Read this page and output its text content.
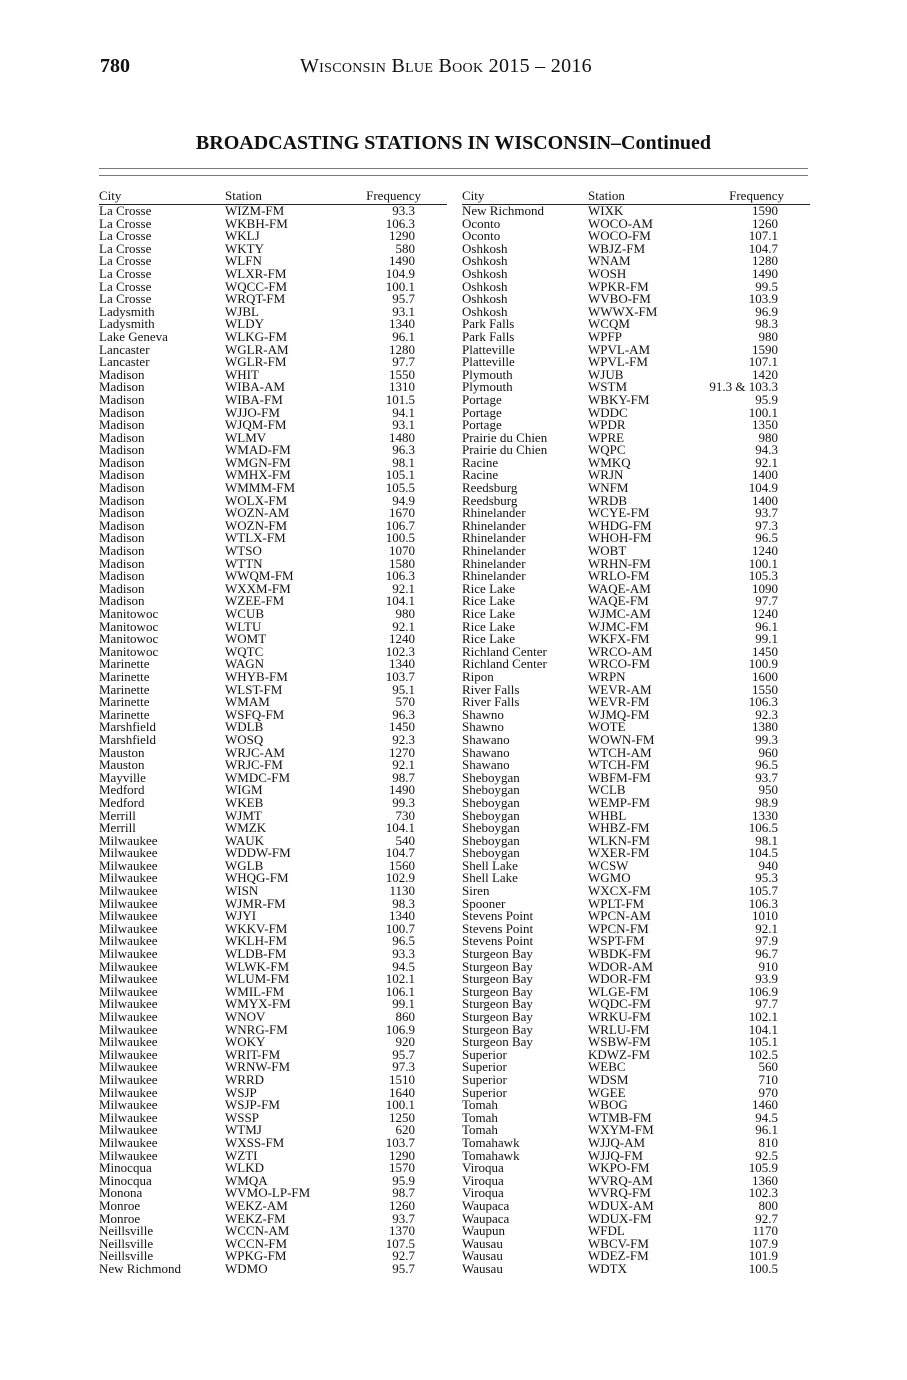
780	Wisconsin Blue Book 2015 – 2016
BROADCASTING STATIONS IN WISCONSIN–Continued
City	Station	Frequency
La Crosse	WIZM-FM	93.3
La Crosse	WKBH-FM	106.3
La Crosse	WKLJ	1290
La Crosse	WKTY	580
La Crosse	WLFN	1490
La Crosse	WLXR-FM	104.9
La Crosse	WQCC-FM	100.1
La Crosse	WRQT-FM	95.7
Ladysmith	WJBL	93.1
Ladysmith	WLDY	1340
Lake Geneva	WLKG-FM	96.1
Lancaster	WGLR-AM	1280
Lancaster	WGLR-FM	97.7
Madison	WHIT	1550
Madison	WIBA-AM	1310
Madison	WIBA-FM	101.5
Madison	WJJO-FM	94.1
Madison	WJQM-FM	93.1
Madison	WLMV	1480
Madison	WMAD-FM	96.3
Madison	WMGN-FM	98.1
Madison	WMHX-FM	105.1
Madison	WMMM-FM	105.5
Madison	WOLX-FM	94.9
Madison	WOZN-AM	1670
Madison	WOZN-FM	106.7
Madison	WTLX-FM	100.5
Madison	WTSO	1070
Madison	WTTN	1580
Madison	WWQM-FM	106.3
Madison	WXXM-FM	92.1
Madison	WZEE-FM	104.1
Manitowoc	WCUB	980
Manitowoc	WLTU	92.1
Manitowoc	WOMT	1240
Manitowoc	WQTC	102.3
Marinette	WAGN	1340
Marinette	WHYB-FM	103.7
Marinette	WLST-FM	95.1
Marinette	WMAM	570
Marinette	WSFQ-FM	96.3
Marshfield	WDLB	1450
Marshfield	WOSQ	92.3
Mauston	WRJC-AM	1270
Mauston	WRJC-FM	92.1
Mayville	WMDC-FM	98.7
Medford	WIGM	1490
Medford	WKEB	99.3
Merrill	WJMT	730
Merrill	WMZK	104.1
Milwaukee	WAUK	540
Milwaukee	WDDW-FM	104.7
Milwaukee	WGLB	1560
Milwaukee	WHQG-FM	102.9
Milwaukee	WISN	1130
Milwaukee	WJMR-FM	98.3
Milwaukee	WJYI	1340
Milwaukee	WKKV-FM	100.7
Milwaukee	WKLH-FM	96.5
Milwaukee	WLDB-FM	93.3
Milwaukee	WLWK-FM	94.5
Milwaukee	WLUM-FM	102.1
Milwaukee	WMIL-FM	106.1
Milwaukee	WMYX-FM	99.1
Milwaukee	WNOV	860
Milwaukee	WNRG-FM	106.9
Milwaukee	WOKY	920
Milwaukee	WRIT-FM	95.7
Milwaukee	WRNW-FM	97.3
Milwaukee	WRRD	1510
Milwaukee	WSJP	1640
Milwaukee	WSJP-FM	100.1
Milwaukee	WSSP	1250
Milwaukee	WTMJ	620
Milwaukee	WXSS-FM	103.7
Milwaukee	WZTI	1290
Minocqua	WLKD	1570
Minocqua	WMQA	95.9
Monona	WVMO-LP-FM	98.7
Monroe	WEKZ-AM	1260
Monroe	WEKZ-FM	93.7
Neillsville	WCCN-AM	1370
Neillsville	WCCN-FM	107.5
Neillsville	WPKG-FM	92.7
New Richmond	WDMO	95.7
City	Station	Frequency
New Richmond	WIXK	1590
Oconto	WOCO-AM	1260
Oconto	WOCO-FM	107.1
Oshkosh	WBJZ-FM	104.7
Oshkosh	WNAM	1280
Oshkosh	WOSH	1490
Oshkosh	WPKR-FM	99.5
Oshkosh	WVBO-FM	103.9
Oshkosh	WWWX-FM	96.9
Park Falls	WCQM	98.3
Park Falls	WPFP	980
Platteville	WPVL-AM	1590
Platteville	WPVL-FM	107.1
Plymouth	WJUB	1420
Plymouth	WSTM	91.3 & 103.3
Portage	WBKY-FM	95.9
Portage	WDDC	100.1
Portage	WPDR	1350
Prairie du Chien	WPRE	980
Prairie du Chien	WQPC	94.3
Racine	WMKQ	92.1
Racine	WRJN	1400
Reedsburg	WNFM	104.9
Reedsburg	WRDB	1400
Rhinelander	WCYE-FM	93.7
Rhinelander	WHDG-FM	97.3
Rhinelander	WHOH-FM	96.5
Rhinelander	WOBT	1240
Rhinelander	WRHN-FM	100.1
Rhinelander	WRLO-FM	105.3
Rice Lake	WAQE-AM	1090
Rice Lake	WAQE-FM	97.7
Rice Lake	WJMC-AM	1240
Rice Lake	WJMC-FM	96.1
Rice Lake	WKFX-FM	99.1
Richland Center	WRCO-AM	1450
Richland Center	WRCO-FM	100.9
Ripon	WRPN	1600
River Falls	WEVR-AM	1550
River Falls	WEVR-FM	106.3
Shawno	WJMQ-FM	92.3
Shawno	WOTE	1380
Shawano	WOWN-FM	99.3
Shawano	WTCH-AM	960
Shawano	WTCH-FM	96.5
Sheboygan	WBFM-FM	93.7
Sheboygan	WCLB	950
Sheboygan	WEMP-FM	98.9
Sheboygan	WHBL	1330
Sheboygan	WHBZ-FM	106.5
Sheboygan	WLKN-FM	98.1
Sheboygan	WXER-FM	104.5
Shell Lake	WCSW	940
Shell Lake	WGMO	95.3
Siren	WXCX-FM	105.7
Spooner	WPLT-FM	106.3
Stevens Point	WPCN-AM	1010
Stevens Point	WPCN-FM	92.1
Stevens Point	WSPT-FM	97.9
Sturgeon Bay	WBDK-FM	96.7
Sturgeon Bay	WDOR-AM	910
Sturgeon Bay	WDOR-FM	93.9
Sturgeon Bay	WLGE-FM	106.9
Sturgeon Bay	WQDC-FM	97.7
Sturgeon Bay	WRKU-FM	102.1
Sturgeon Bay	WRLU-FM	104.1
Sturgeon Bay	WSBW-FM	105.1
Superior	KDWZ-FM	102.5
Superior	WEBC	560
Superior	WDSM	710
Superior	WGEE	970
Tomah	WBOG	1460
Tomah	WTMB-FM	94.5
Tomah	WXYM-FM	96.1
Tomahawk	WJJQ-AM	810
Tomahawk	WJJQ-FM	92.5
Viroqua	WKPO-FM	105.9
Viroqua	WVRQ-AM	1360
Viroqua	WVRQ-FM	102.3
Waupaca	WDUX-AM	800
Waupaca	WDUX-FM	92.7
Waupun	WFDL	1170
Wausau	WBCV-FM	107.9
Wausau	WDEZ-FM	101.9
Wausau	WDTX	100.5
